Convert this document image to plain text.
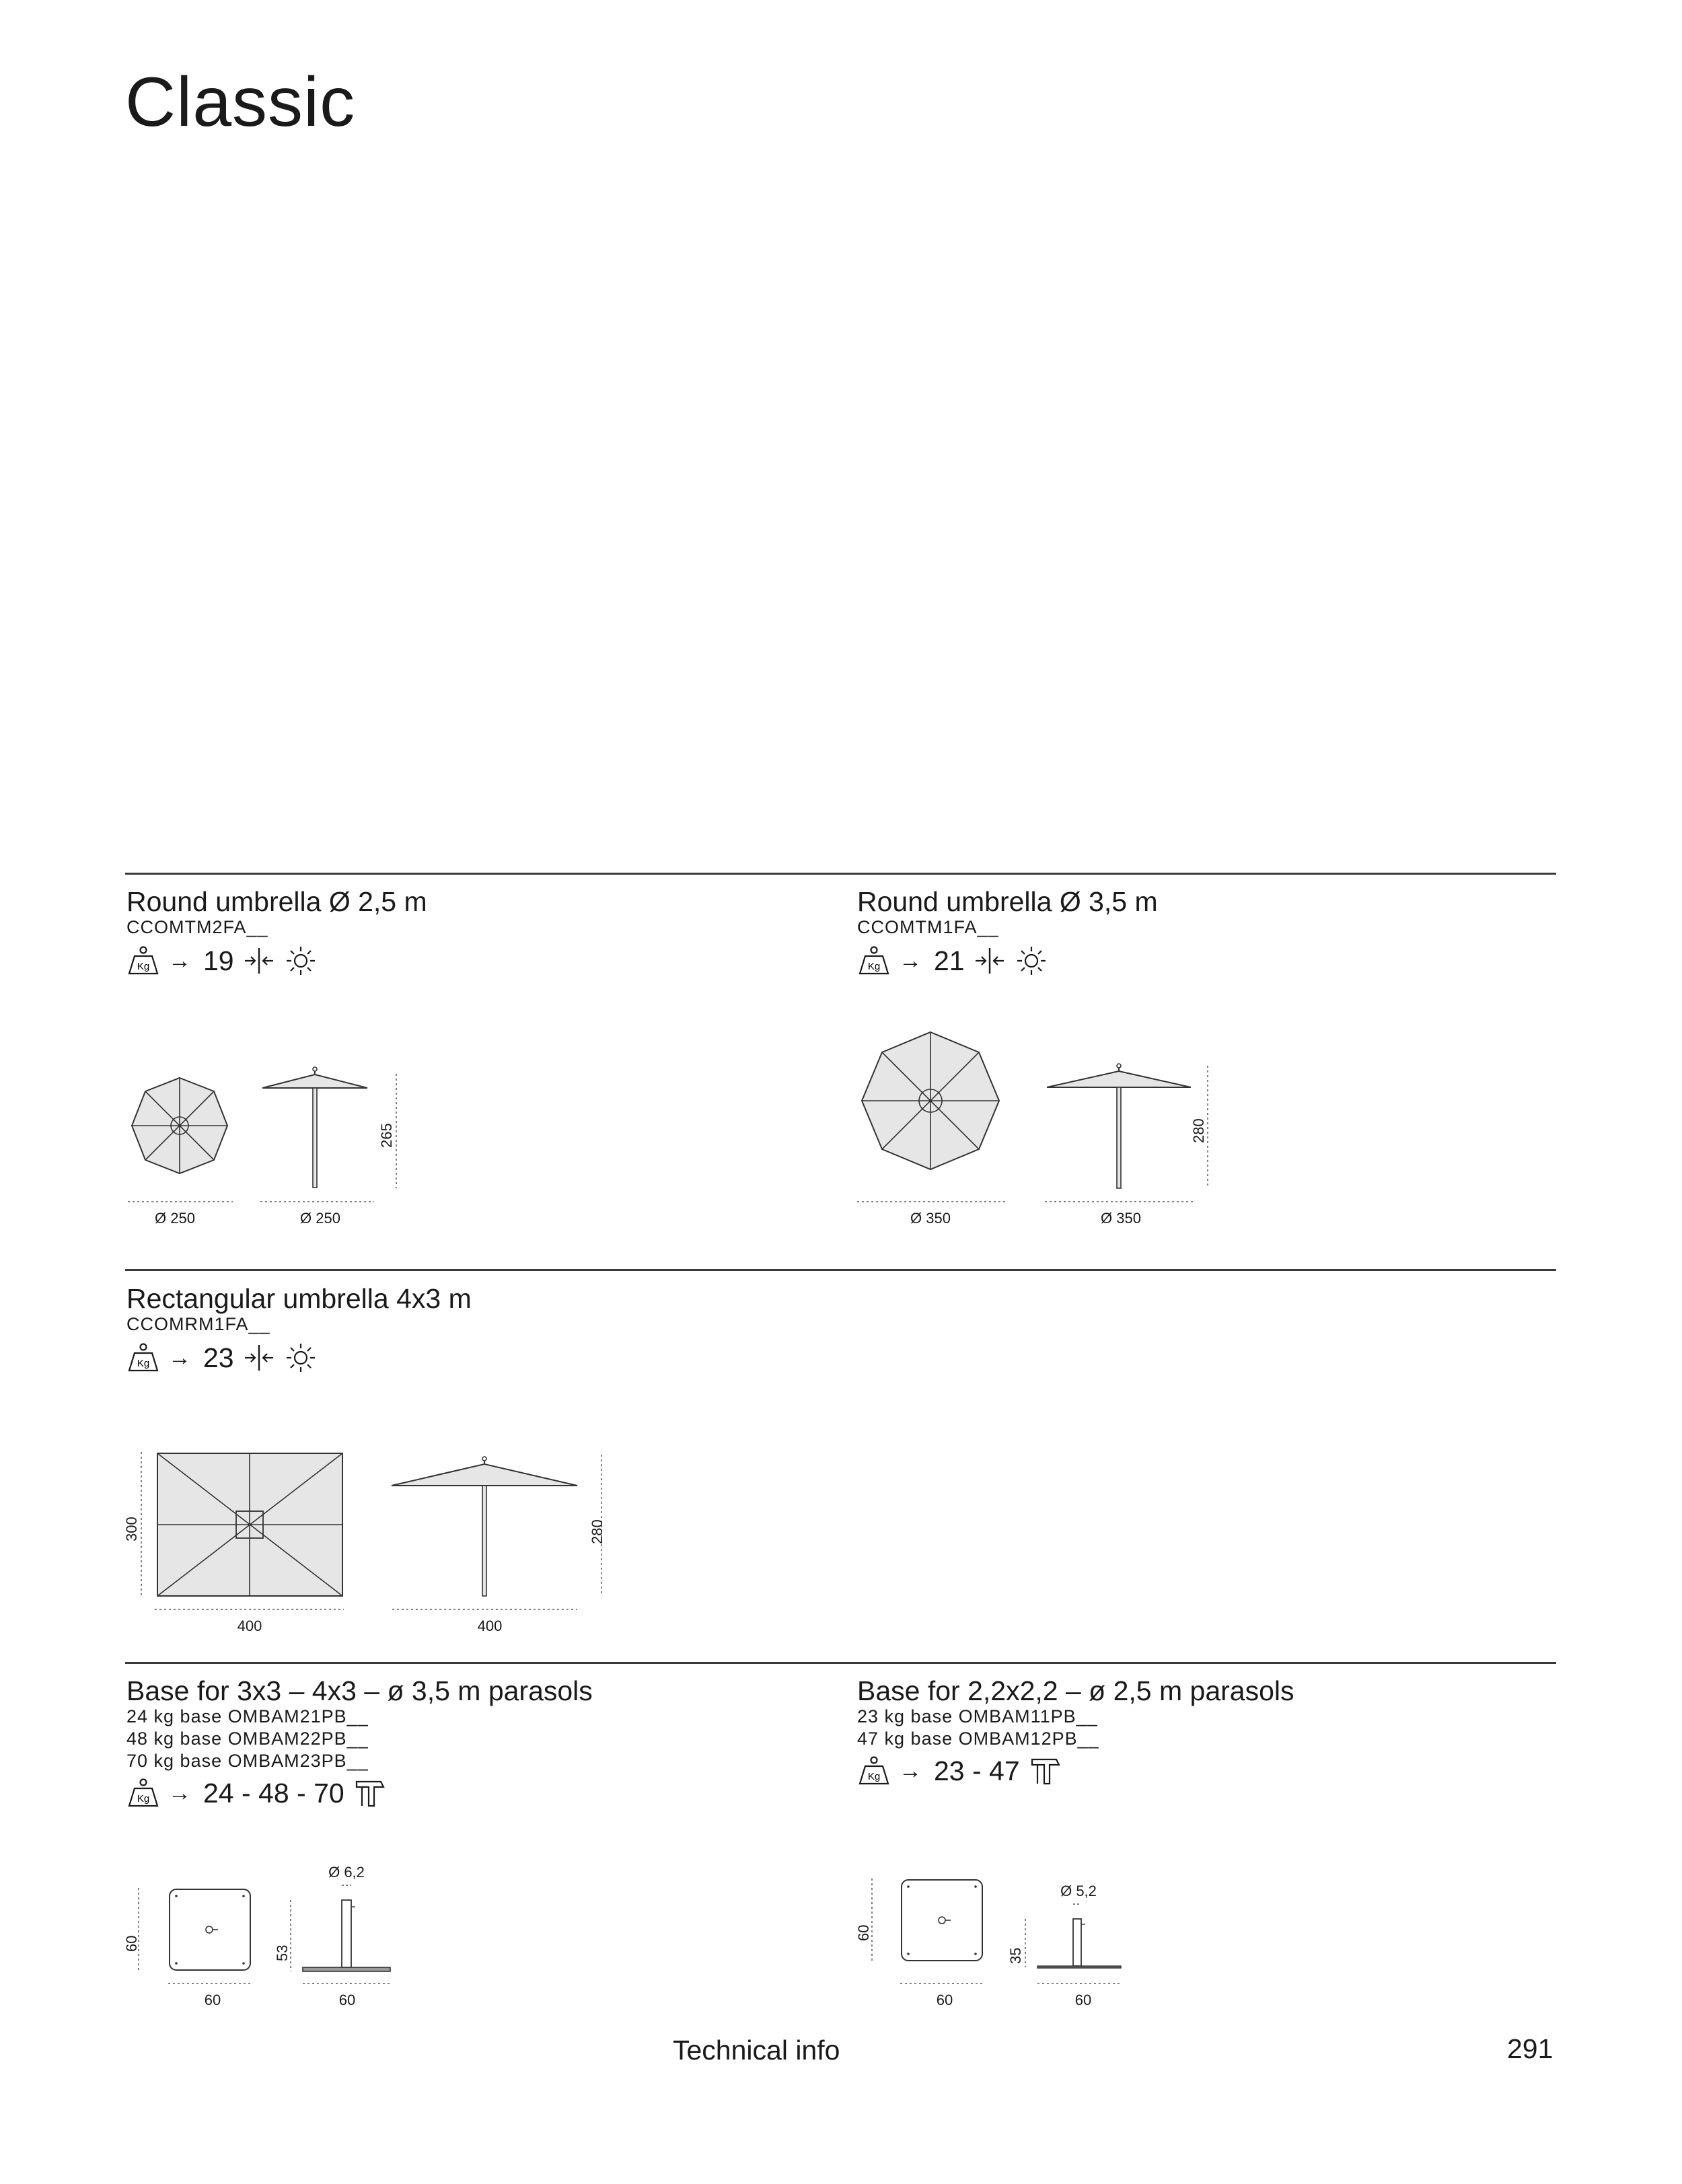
Classic
Round umbrella Ø 2,5 m
CCOMTM2FA__
Kg → 19
Ø 250	Ø 250
265
Round umbrella Ø 3,5 m
CCOMTM1FA__
Kg → 21
Ø 350	Ø 350
280
Rectangular umbrella 4x3 m
CCOMRM1FA__
Kg → 23
300
400	400
280
Base for 3x3 – 4x3 – ø 3,5 m parasols
24 kg base OMBAM21PB__
48 kg base OMBAM22PB__
70 kg base OMBAM23PB__
Kg → 24 - 48 - 70
60
60
Ø 6,2
53
60
Base for 2,2x2,2 – ø 2,5 m parasols
23 kg base OMBAM11PB__
47 kg base OMBAM12PB__
Kg → 23 - 47
60
60
Ø 5,2
35
60
Technical info	291
